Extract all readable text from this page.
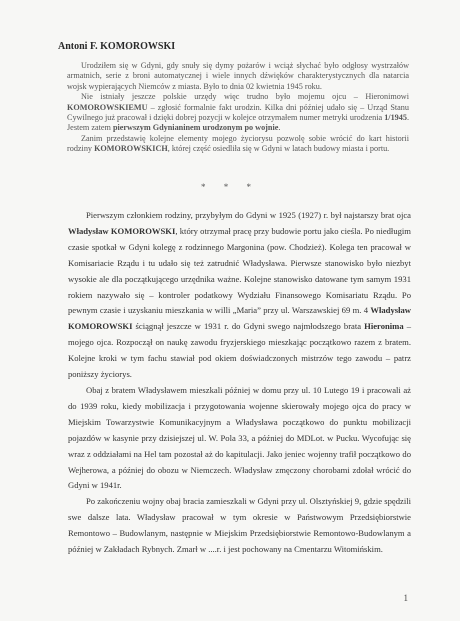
Antoni F. KOMOROWSKI

Urodziłem się w Gdyni, gdy snuły się dymy pożarów i wciąż słychać było odgłosy wystrzałów armatnich, serie z broni automatycznej i wiele innych dźwięków charakterystycznych dla natarcia wojsk wypierających Niemców z miasta. Było to dnia 02 kwietnia 1945 roku.

Nie istniały jeszcze polskie urzędy więc trudno było mojemu ojcu – Hieronimowi KOMOROWSKIEMU – zgłosić formalnie fakt urodzin. Kilka dni później udało się – Urząd Stanu Cywilnego już pracował i dzięki dobrej pozycji w kolejce otrzymałem numer metryki urodzenia 1/1945. Jestem zatem pierwszym Gdynianinem urodzonym po wojnie.

Zanim przedstawię kolejne elementy mojego życiorysu pozwolę sobie wrócić do kart historii rodziny KOMOROWSKICH, której część osiedliła się w Gdyni w latach budowy miasta i portu.

* * *

Pierwszym członkiem rodziny, przybyłym do Gdyni w 1925 (1927) r. był najstarszy brat ojca Władysław KOMOROWSKI, który otrzymał pracę przy budowie portu jako cieśla. Po niedługim czasie spotkał w Gdyni kolegę z rodzinnego Margonina (pow. Chodzież). Kolega ten pracował w Komisariacie Rządu i tu udało się też zatrudnić Władysława. Pierwsze stanowisko było niezbyt wysokie ale dla początkującego urzędnika ważne. Kolejne stanowisko datowane tym samym 1931 rokiem nazywało się – kontroler podatkowy Wydziału Finansowego Komisariatu Rządu. Po pewnym czasie i uzyskaniu mieszkania w willi „Maria” przy ul. Warszawskiej 69 m. 4 Władysław KOMOROWSKI ściągnął jeszcze w 1931 r. do Gdyni swego najmłodszego brata Hieronima – mojego ojca. Rozpoczął on naukę zawodu fryzjerskiego mieszkając początkowo razem z bratem. Kolejne kroki w tym fachu stawiał pod okiem doświadczonych mistrzów tego zawodu – patrz poniższy życiorys.

Obaj z bratem Władysławem mieszkali później w domu przy ul. 10 Lutego 19 i pracowali aż do 1939 roku, kiedy mobilizacja i przygotowania wojenne skierowały mojego ojca do pracy w Miejskim Towarzystwie Komunikacyjnym a Władysława początkowo do punktu mobilizacji pojazdów w kasynie przy dzisiejszej ul. W. Pola 33, a później do MDLot. w Pucku. Wycofując się wraz z oddziałami na Hel tam pozostał aż do kapitulacji. Jako jeniec wojenny trafił początkowo do Wejherowa, a później do obozu w Niemczech. Władysław zmęczony chorobami zdołał wrócić do Gdyni w 1941r.

Po zakończeniu wojny obaj bracia zamieszkali w Gdyni przy ul. Olsztyńskiej 9, gdzie spędzili swe dalsze lata. Władysław pracował w tym okresie w Państwowym Przedsiębiorstwie Remontowo – Budowlanym, następnie w Miejskim Przedsiębiorstwie Remontowo-Budowlanym a później w Zakładach Rybnych. Zmarł w ....r. i jest pochowany na Cmentarzu Witomińskim.

1
